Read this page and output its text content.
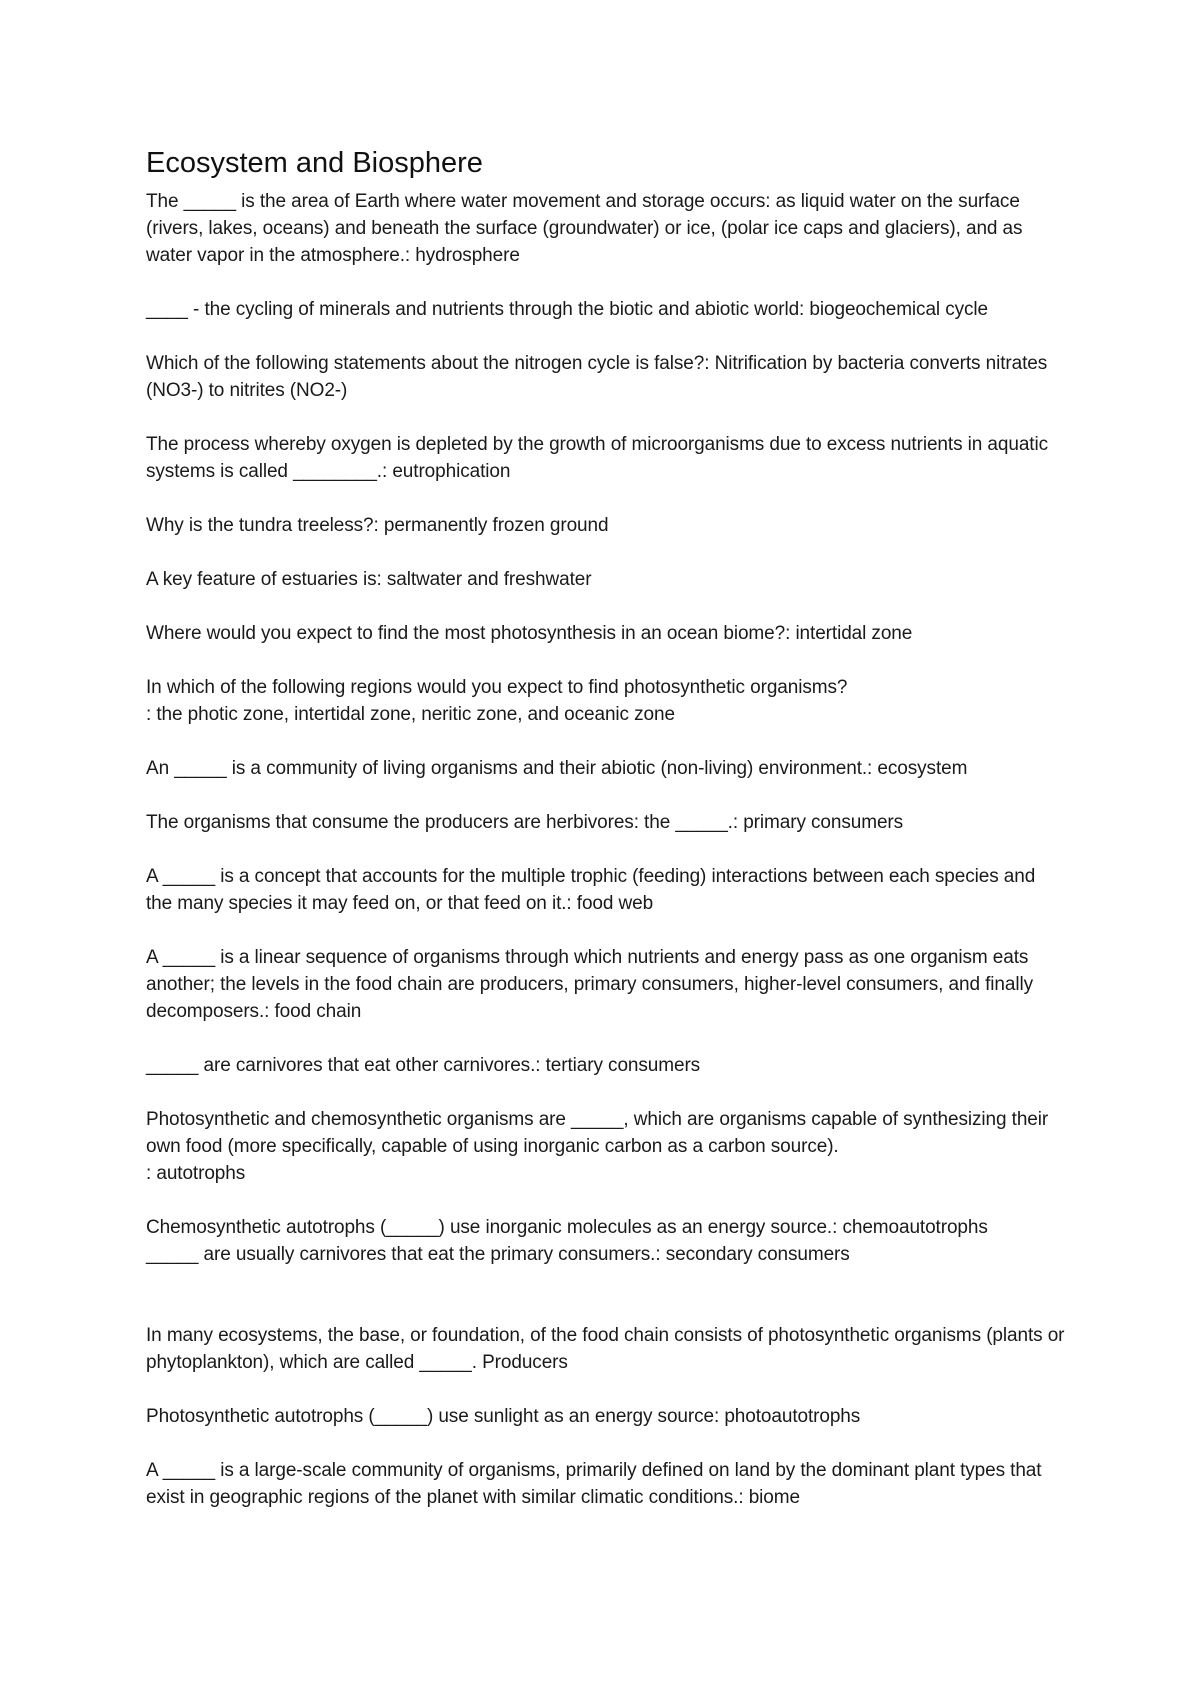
Ecosystem and Biosphere

The _____ is the area of Earth where water movement and storage occurs: as liquid water on the surface (rivers, lakes, oceans) and beneath the surface (groundwater) or ice, (polar ice caps and glaciers), and as water vapor in the atmosphere.: hydrosphere

____ - the cycling of minerals and nutrients through the biotic and abiotic world: biogeochemical cycle

Which of the following statements about the nitrogen cycle is false?: Nitrification by bacteria converts nitrates (NO3-) to nitrites (NO2-)

The process whereby oxygen is depleted by the growth of microorganisms due to excess nutrients in aquatic systems is called ________.: eutrophication

Why is the tundra treeless?: permanently frozen ground

A key feature of estuaries is: saltwater and freshwater

Where would you expect to find the most photosynthesis in an ocean biome?: intertidal zone

In which of the following regions would you expect to find photosynthetic organisms?
: the photic zone, intertidal zone, neritic zone, and oceanic zone

An _____ is a community of living organisms and their abiotic (non-living) environment.: ecosystem

The organisms that consume the producers are herbivores: the _____.: primary consumers

A _____ is a concept that accounts for the multiple trophic (feeding) interactions between each species and the many species it may feed on, or that feed on it.: food web

A _____ is a linear sequence of organisms through which nutrients and energy pass as one organism eats another; the levels in the food chain are producers, primary consumers, higher-level consumers, and finally decomposers.: food chain

_____ are carnivores that eat other carnivores.: tertiary consumers

Photosynthetic and chemosynthetic organisms are _____, which are organisms capable of synthesizing their own food (more specifically, capable of using inorganic carbon as a carbon source).
: autotrophs

Chemosynthetic autotrophs (_____) use inorganic molecules as an energy source.: chemoautotrophs

_____ are usually carnivores that eat the primary consumers.: secondary consumers

In many ecosystems, the base, or foundation, of the food chain consists of photosynthetic organisms (plants or phytoplankton), which are called _____. Producers

Photosynthetic autotrophs (_____) use sunlight as an energy source: photoautotrophs

A _____ is a large-scale community of organisms, primarily defined on land by the dominant plant types that exist in geographic regions of the planet with similar climatic conditions.: biome
